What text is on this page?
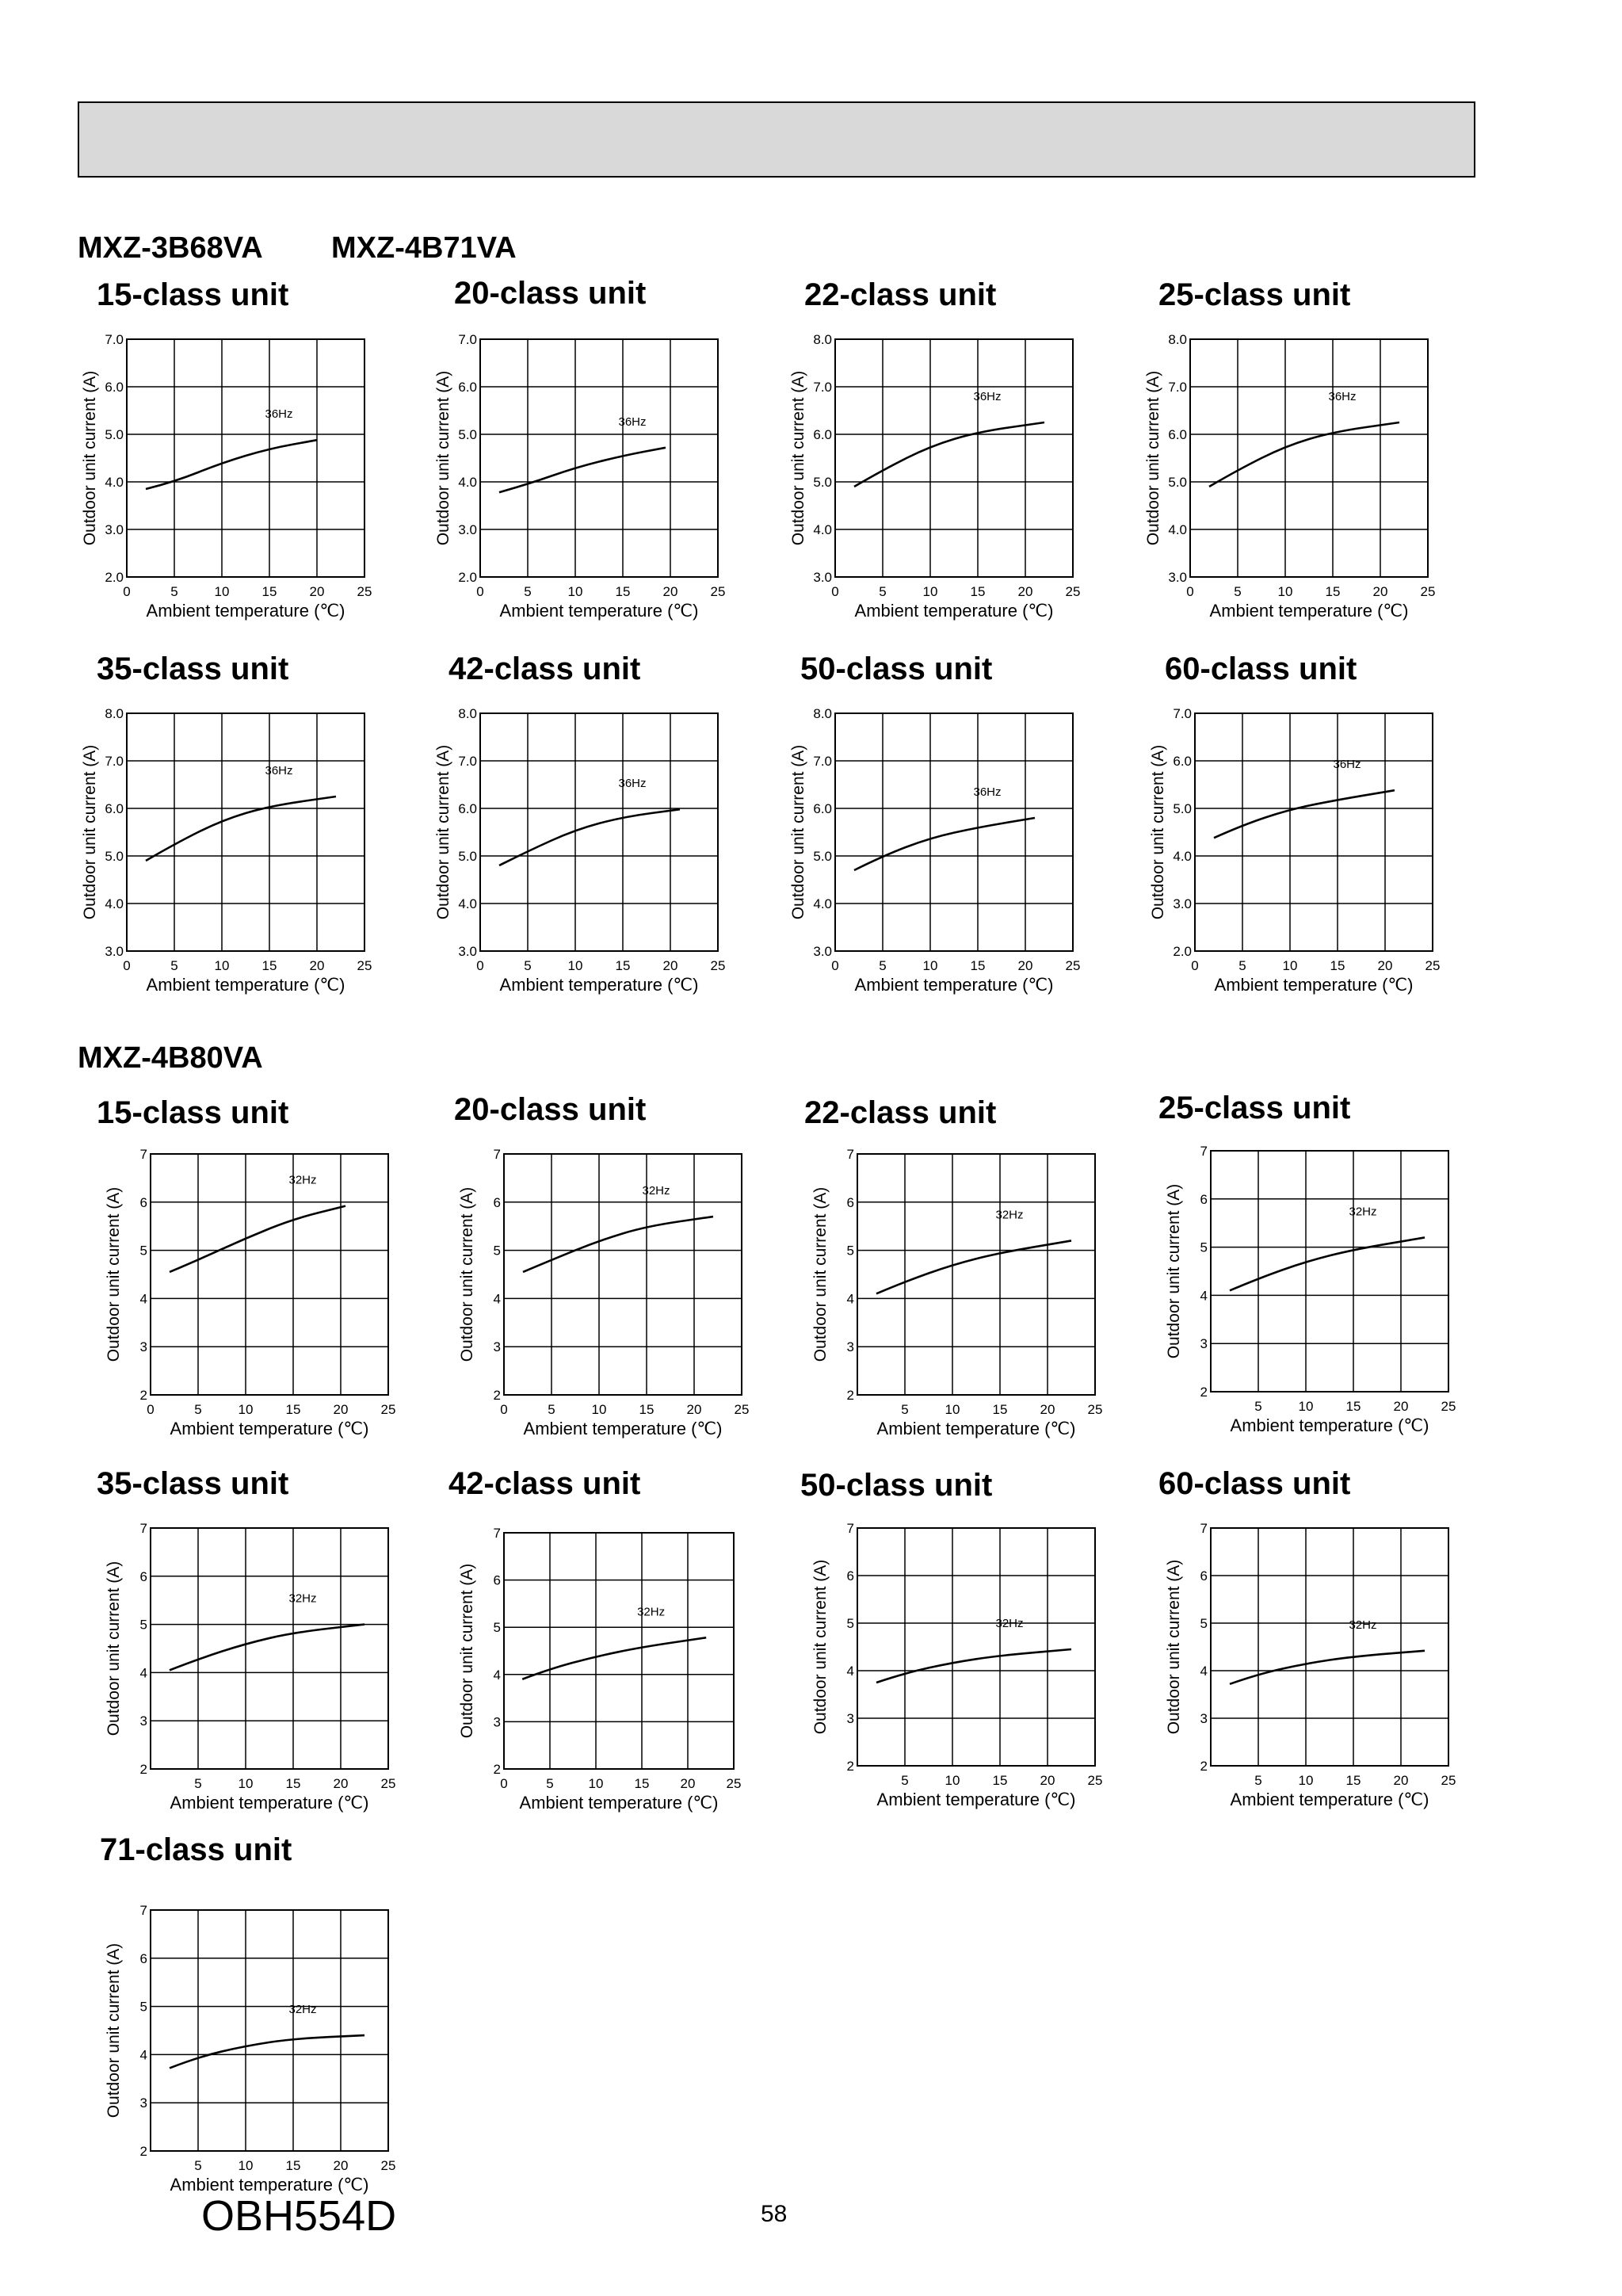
MXZ-3B68VA MXZ-4B71VA
MXZ-4B80VA
15-class unit	20-class unit	22-class unit	25-class unit
35-class unit	42-class unit	50-class unit	60-class unit
15-class unit	20-class unit	22-class unit	25-class unit
35-class unit	42-class unit	50-class unit	60-class unit
71-class unit
0	5	10 15 20 25
2.0
3.0
4.0
5.0
6.0
7.0
Ambient temperature (℃)
Outdoor unit current (A)	36Hz
0	5	10 15 20 25
2.0
3.0
4.0
5.0
6.0
7.0
Ambient temperature (℃)
Outdoor unit current (A)	36Hz
0	5	10 15 20 25
3.0
4.0
5.0
6.0
7.0
8.0
Ambient temperature (℃)
Outdoor unit current (A)	36Hz
0	5	10 15 20 25
3.0
4.0
5.0
6.0
7.0
8.0
Ambient temperature (℃)
Outdoor unit current (A)	36Hz
0	5	10 15 20 25
3.0
4.0
5.0
6.0
7.0
8.0
Ambient temperature (℃)
Outdoor unit current (A)	36Hz
0	5	10 15 20 25
3.0
4.0
5.0
6.0
7.0
8.0
Ambient temperature (℃)
Outdoor unit current (A)	36Hz
0	5	10 15 20 25
3.0
4.0
5.0
6.0
7.0
8.0
Ambient temperature (℃)
Outdoor unit current (A)	36Hz
0	5	10 15 20 25
2.0
3.0
4.0
5.0
6.0
7.0
Ambient temperature (℃)
Outdoor unit current (A)	36Hz
0	5	10 15 20 25
2
3
4
5
6
7
Ambient temperature (℃)
Outdoor unit current (A)
32Hz
0	5	10 15 20 25
2
3
4
5
6
7
Ambient temperature (℃)
Outdoor unit current (A)	32Hz
5	10 15 20 25
2
3
4
5
6
7
Ambient temperature (℃)
Outdoor unit current (A)	32Hz
5	10 15 20 25
2
3
4
5
6
7
Ambient temperature (℃)
Outdoor unit current (A)	32Hz
5	10 15 20 25
2
3
4
5
6
7
Ambient temperature (℃)
Outdoor unit current (A)	32Hz
0	5	10 15 20 25
2
3
4
5
6
7
Ambient temperature (℃)
Outdoor unit current (A)	32Hz
5	10 15 20 25
2
3
4
5
6
7
Ambient temperature (℃)
Outdoor unit current (A)	32Hz
5	10 15 20 25
2
3
4
5
6
7
Ambient temperature (℃)
Outdoor unit current (A)	32Hz
5	10 15 20 25
2
3
4
5
6
7
Ambient temperature (℃)
Outdoor unit current (A)	32Hz
OBH554D	58
